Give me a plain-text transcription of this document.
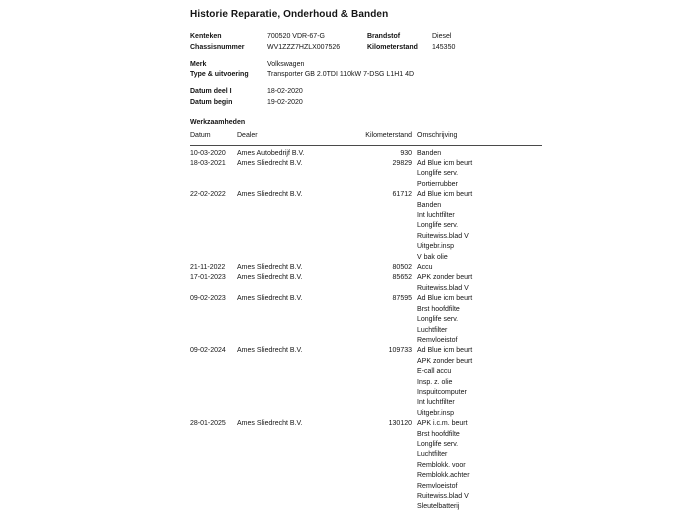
Historie Reparatie, Onderhoud & Banden
Kenteken	700520 VDR-67-G	Brandstof	Diesel
Chassisnummer	WV1ZZZ7HZLX007526	Kilometerstand	145350
Merk	Volkswagen
Type & uitvoering	Transporter GB 2.0TDI 110kW 7-DSG L1H1 4D
Datum deel I	18-02-2020
Datum begin	19-02-2020
Werkzaamheden
Datum	Dealer	Kilometerstand	Omschrijving
10-03-2020	Ames Autobedrijf B.V.	930	Banden

18-03-2021	Ames Sliedrecht B.V.	29829	Ad Blue icm beurt
Longlife serv.
Portierrubber

22-02-2022	Ames Sliedrecht B.V.	61712	Ad Blue icm beurt
Banden
Int luchtfilter
Longlife serv.
Ruitewiss.blad V
Uitgebr.insp
V bak olie

21-11-2022	Ames Sliedrecht B.V.	80502	Accu

17-01-2023	Ames Sliedrecht B.V.	85652	APK zonder beurt
Ruitewiss.blad V

09-02-2023	Ames Sliedrecht B.V.	87595	Ad Blue icm beurt
Brst hoofdfilte
Longlife serv.
Luchtfilter
Remvloeistof

09-02-2024	Ames Sliedrecht B.V.	109733	Ad Blue icm beurt
APK zonder beurt
E-call accu
Insp. z. olie
Inspuitcomputer
Int luchtfilter
Uitgebr.insp

28-01-2025	Ames Sliedrecht B.V.	130120	APK i.c.m. beurt
Brst hoofdfilte
Longlife serv.
Luchtfilter
Remblokk. voor
Remblokk.achter
Remvloeistof
Ruitewiss.blad V
Sleutelbatterij
